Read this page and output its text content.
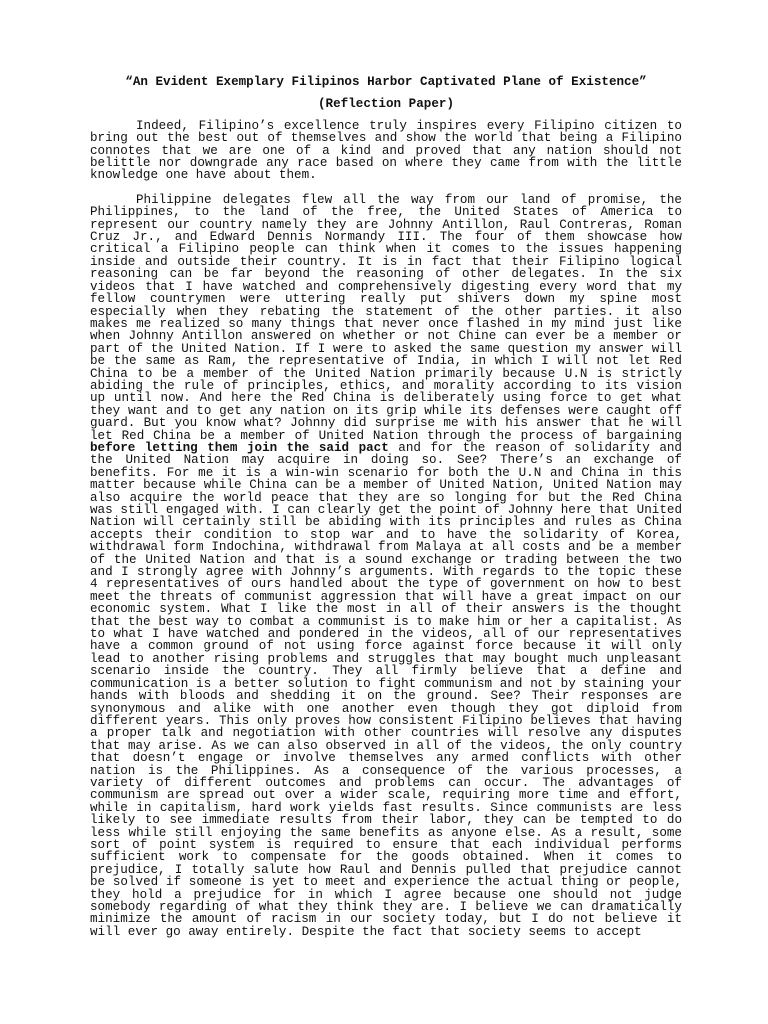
“An Evident Exemplary Filipinos Harbor Captivated Plane of Existence”

(Reflection Paper)

Indeed, Filipino’s excellence truly inspires every Filipino citizen to bring out the best out of themselves and show the world that being a Filipino connotes that we are one of a kind and proved that any nation should not belittle nor downgrade any race based on where they came from with the little knowledge one have about them.

Philippine delegates flew all the way from our land of promise, the Philippines, to the land of the free, the United States of America to represent our country namely they are Johnny Antillon, Raul Contreras, Roman Cruz Jr., and Edward Dennis Normandy III. The four of them showcase how critical a Filipino people can think when it comes to the issues happening inside and outside their country. It is in fact that their Filipino logical reasoning can be far beyond the reasoning of other delegates. In the six videos that I have watched and comprehensively digesting every word that my fellow countrymen were uttering really put shivers down my spine most especially when they rebating the statement of the other parties. it also makes me realized so many things that never once flashed in my mind just like when Johnny Antillon answered on whether or not Chine can ever be a member or part of the United Nation. If I were to asked the same question my answer will be the same as Ram, the representative of India, in which I will not let Red China to be a member of the United Nation primarily because U.N is strictly abiding the rule of principles, ethics, and morality according to its vision up until now. And here the Red China is deliberately using force to get what they want and to get any nation on its grip while its defenses were caught off guard. But you know what? Johnny did surprise me with his answer that he will let Red China be a member of United Nation through the process of bargaining before letting them join the said pact and for the reason of solidarity and the United Nation may acquire in doing so. See? There’s an exchange of benefits. For me it is a win-win scenario for both the U.N and China in this matter because while China can be a member of United Nation, United Nation may also acquire the world peace that they are so longing for but the Red China was still engaged with. I can clearly get the point of Johnny here that United Nation will certainly still be abiding with its principles and rules as China accepts their condition to stop war and to have the solidarity of Korea, withdrawal form Indochina, withdrawal from Malaya at all costs and be a member of the United Nation and that is a sound exchange or trading between the two and I strongly agree with Johnny’s arguments. With regards to the topic these 4 representatives of ours handled about the type of government on how to best meet the threats of communist aggression that will have a great impact on our economic system. What I like the most in all of their answers is the thought that the best way to combat a communist is to make him or her a capitalist. As to what I have watched and pondered in the videos, all of our representatives have a common ground of not using force against force because it will only lead to another rising problems and struggles that may bought much unpleasant scenario inside the country. They all firmly believe that a define and communication is a better solution to fight communism and not by staining your hands with bloods and shedding it on the ground. See? Their responses are synonymous and alike with one another even though they got diploid from different years. This only proves how consistent Filipino believes that having a proper talk and negotiation with other countries will resolve any disputes that may arise. As we can also observed in all of the videos, the only country that doesn’t engage or involve themselves any armed conflicts with other nation is the Philippines. As a consequence of the various processes, a variety of different outcomes and problems can occur. The advantages of communism are spread out over a wider scale, requiring more time and effort, while in capitalism, hard work yields fast results. Since communists are less likely to see immediate results from their labor, they can be tempted to do less while still enjoying the same benefits as anyone else. As a result, some sort of point system is required to ensure that each individual performs sufficient work to compensate for the goods obtained. When it comes to prejudice, I totally salute how Raul and Dennis pulled that prejudice cannot be solved if someone is yet to meet and experience the actual thing or people, they hold a prejudice for in which I agree because one should not judge somebody regarding of what they think they are. I believe we can dramatically minimize the amount of racism in our society today, but I do not believe it will ever go away entirely. Despite the fact that society seems to accept
